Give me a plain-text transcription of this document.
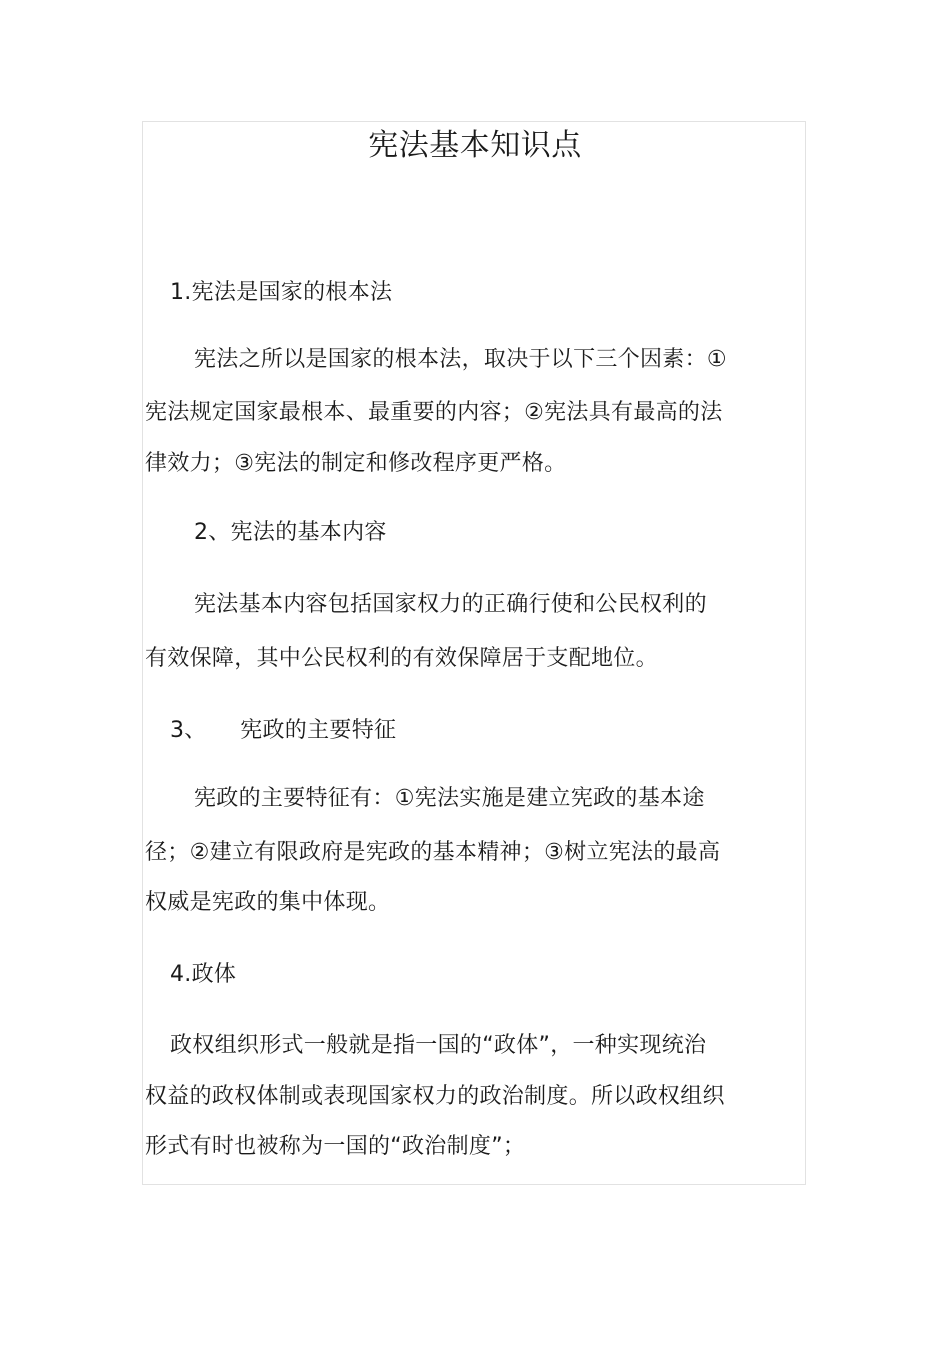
宪法基本知识点
1.宪法是国家的根本法
宪法之所以是国家的根本法，取决于以下三个因素：①
宪法规定国家最根本、最重要的内容；②宪法具有最高的法
律效力；③宪法的制定和修改程序更严格。
2、宪法的基本内容
宪法基本内容包括国家权力的正确行使和公民权利的
有效保障，其中公民权利的有效保障居于支配地位。
3、　　宪政的主要特征
宪政的主要特征有：①宪法实施是建立宪政的基本途
径；②建立有限政府是宪政的基本精神；③树立宪法的最高
权威是宪政的集中体现。
4.政体
政权组织形式一般就是指一国的“政体”，一种实现统治
权益的政权体制或表现国家权力的政治制度。所以政权组织
形式有时也被称为一国的“政治制度”；
